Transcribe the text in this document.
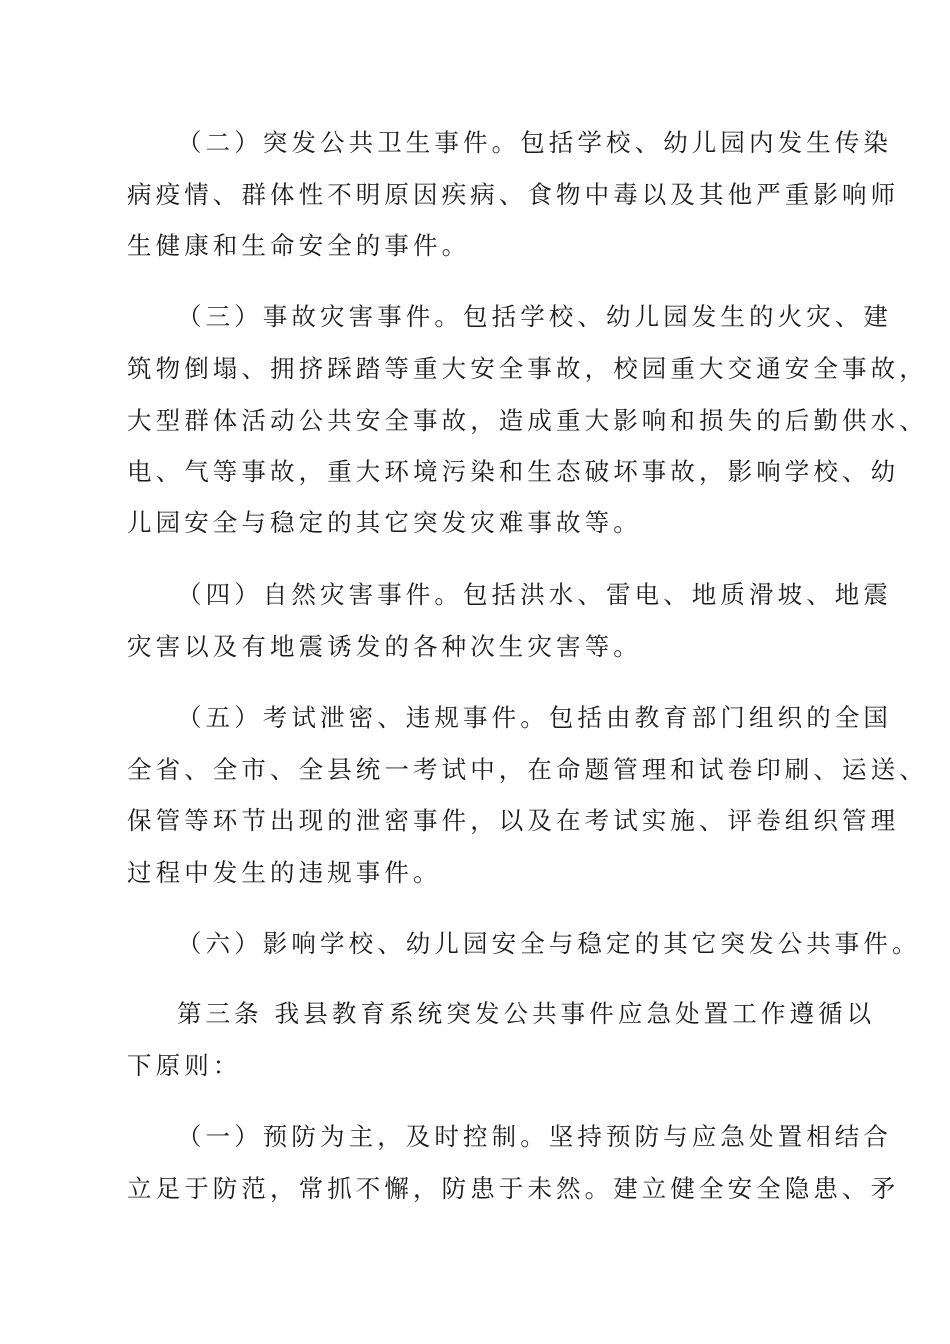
（二）突发公共卫生事件。包括学校、幼儿园内发生传染
病疫情、群体性不明原因疾病、食物中毒以及其他严重影响师
生健康和生命安全的事件。
（三）事故灾害事件。包括学校、幼儿园发生的火灾、建
筑物倒塌、拥挤踩踏等重大安全事故，校园重大交通安全事故，
大型群体活动公共安全事故，造成重大影响和损失的后勤供水、
电、气等事故，重大环境污染和生态破坏事故，影响学校、幼
儿园安全与稳定的其它突发灾难事故等。
（四）自然灾害事件。包括洪水、雷电、地质滑坡、地震
灾害以及有地震诱发的各种次生灾害等。
（五）考试泄密、违规事件。包括由教育部门组织的全国
全省、全市、全县统一考试中，在命题管理和试卷印刷、运送、
保管等环节出现的泄密事件，以及在考试实施、评卷组织管理
过程中发生的违规事件。
（六）影响学校、幼儿园安全与稳定的其它突发公共事件。
第三条 我县教育系统突发公共事件应急处置工作遵循以
下原则：
（一）预防为主，及时控制。坚持预防与应急处置相结合
立足于防范，常抓不懈，防患于未然。建立健全安全隐患、矛
